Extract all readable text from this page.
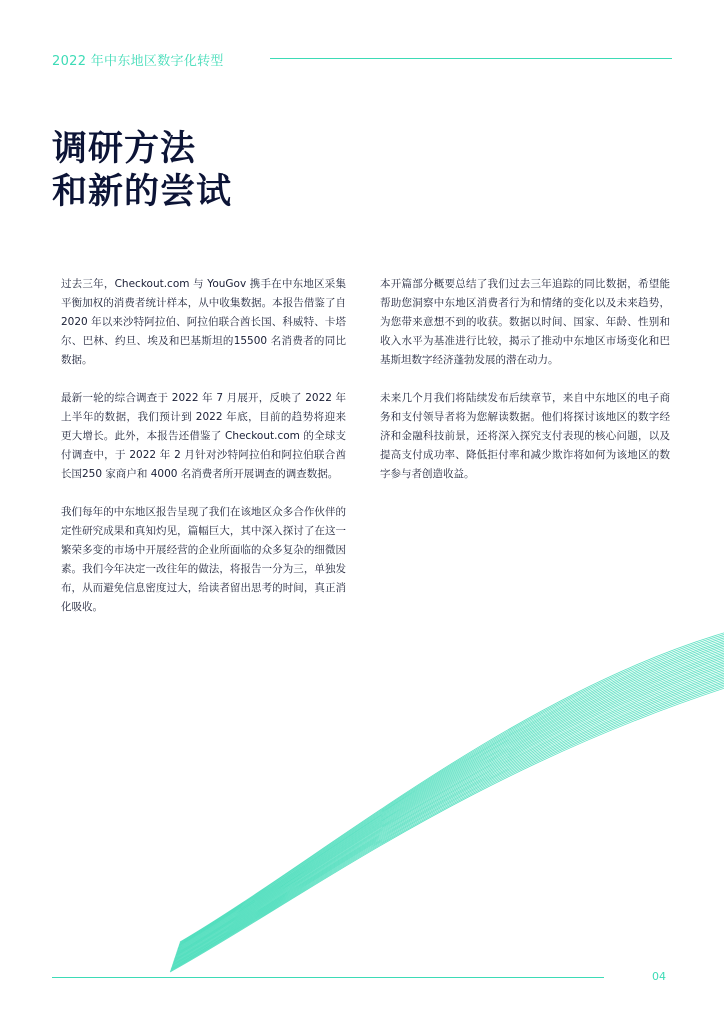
2022 年中东地区数字化转型
调研方法
和新的尝试

过去三年，Checkout.com 与 YouGov 携手在中东地区采集平衡加权的消费者统计样本，从中收集数据。本报告借鉴了自 2020 年以来沙特阿拉伯、阿拉伯联合酋长国、科威特、卡塔尔、巴林、约旦、埃及和巴基斯坦的15500 名消费者的同比数据。

最新一轮的综合调查于 2022 年 7 月展开，反映了 2022 年上半年的数据，我们预计到 2022 年底，目前的趋势将迎来更大增长。此外，本报告还借鉴了 Checkout.com 的全球支付调查中，于 2022 年 2 月针对沙特阿拉伯和阿拉伯联合酋长国250 家商户和 4000 名消费者所开展调查的调查数据。

我们每年的中东地区报告呈现了我们在该地区众多合作伙伴的定性研究成果和真知灼见，篇幅巨大，其中深入探讨了在这一繁荣多变的市场中开展经营的企业所面临的众多复杂的细微因素。我们今年决定一改往年的做法，将报告一分为三，单独发布，从而避免信息密度过大，给读者留出思考的时间，真正消化吸收。

本开篇部分概要总结了我们过去三年追踪的同比数据，希望能帮助您洞察中东地区消费者行为和情绪的变化以及未来趋势，为您带来意想不到的收获。数据以时间、国家、年龄、性别和收入水平为基准进行比较，揭示了推动中东地区市场变化和巴基斯坦数字经济蓬勃发展的潜在动力。

未来几个月我们将陆续发布后续章节，来自中东地区的电子商务和支付领导者将为您解读数据。他们将探讨该地区的数字经济和金融科技前景，还将深入探究支付表现的核心问题，以及提高支付成功率、降低拒付率和减少欺诈将如何为该地区的数字参与者创造收益。

04
